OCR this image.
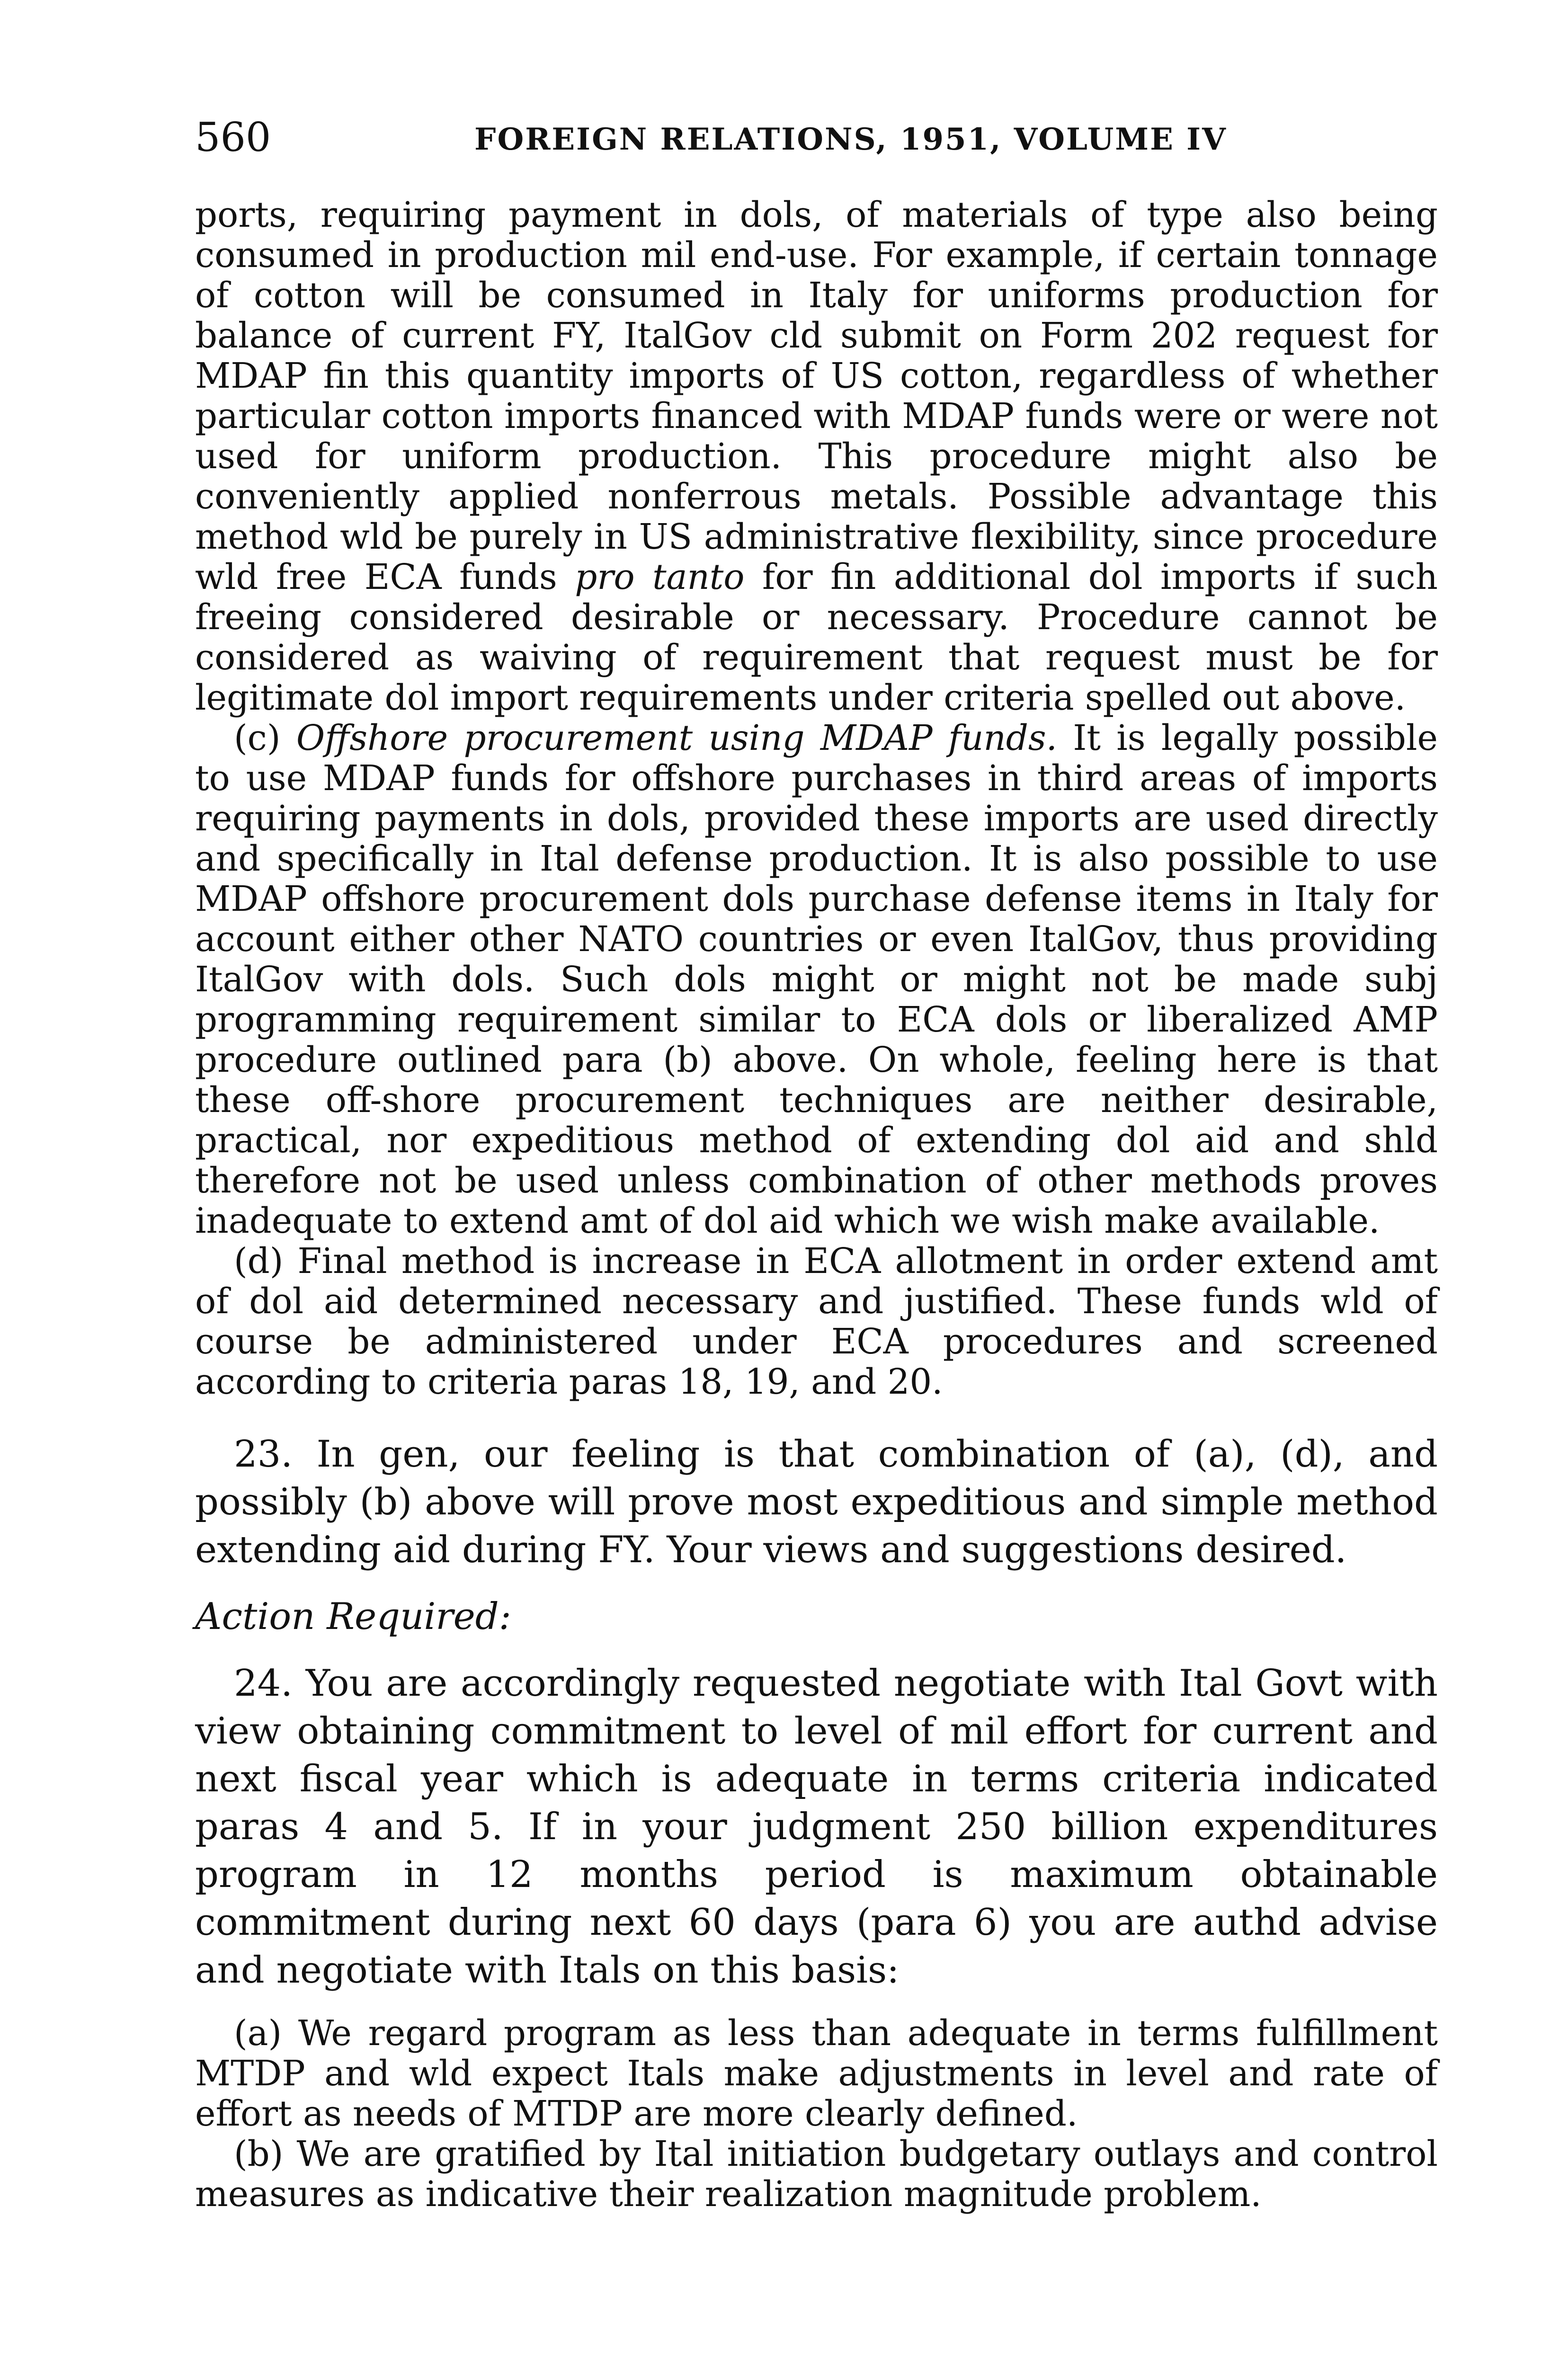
560	FOREIGN RELATIONS, 1951, VOLUME IV

ports, requiring payment in dols, of materials of type also being consumed in production mil end-use. For example, if certain tonnage of cotton will be consumed in Italy for uniforms production for balance of current FY, ItalGov cld submit on Form 202 request for MDAP fin this quantity imports of US cotton, regardless of whether particular cotton imports financed with MDAP funds were or were not used for uniform production. This procedure might also be conveniently applied nonferrous metals. Possible advantage this method wld be purely in US administrative flexibility, since procedure wld free ECA funds pro tanto for fin additional dol imports if such freeing considered desirable or necessary. Procedure cannot be considered as waiving of requirement that request must be for legitimate dol import requirements under criteria spelled out above.

(c) Offshore procurement using MDAP funds. It is legally possible to use MDAP funds for offshore purchases in third areas of imports requiring payments in dols, provided these imports are used directly and specifically in Ital defense production. It is also possible to use MDAP offshore procurement dols purchase defense items in Italy for account either other NATO countries or even ItalGov, thus providing ItalGov with dols. Such dols might or might not be made subj programming requirement similar to ECA dols or liberalized AMP procedure outlined para (b) above. On whole, feeling here is that these off-shore procurement techniques are neither desirable, practical, nor expeditious method of extending dol aid and shld therefore not be used unless combination of other methods proves inadequate to extend amt of dol aid which we wish make available.

(d) Final method is increase in ECA allotment in order extend amt of dol aid determined necessary and justified. These funds wld of course be administered under ECA procedures and screened according to criteria paras 18, 19, and 20.

23. In gen, our feeling is that combination of (a), (d), and possibly (b) above will prove most expeditious and simple method extending aid during FY. Your views and suggestions desired.

Action Required:

24. You are accordingly requested negotiate with Ital Govt with view obtaining commitment to level of mil effort for current and next fiscal year which is adequate in terms criteria indicated paras 4 and 5. If in your judgment 250 billion expenditures program in 12 months period is maximum obtainable commitment during next 60 days (para 6) you are authd advise and negotiate with Itals on this basis:

(a) We regard program as less than adequate in terms fulfillment MTDP and wld expect Itals make adjustments in level and rate of effort as needs of MTDP are more clearly defined.

(b) We are gratified by Ital initiation budgetary outlays and control measures as indicative their realization magnitude problem.
